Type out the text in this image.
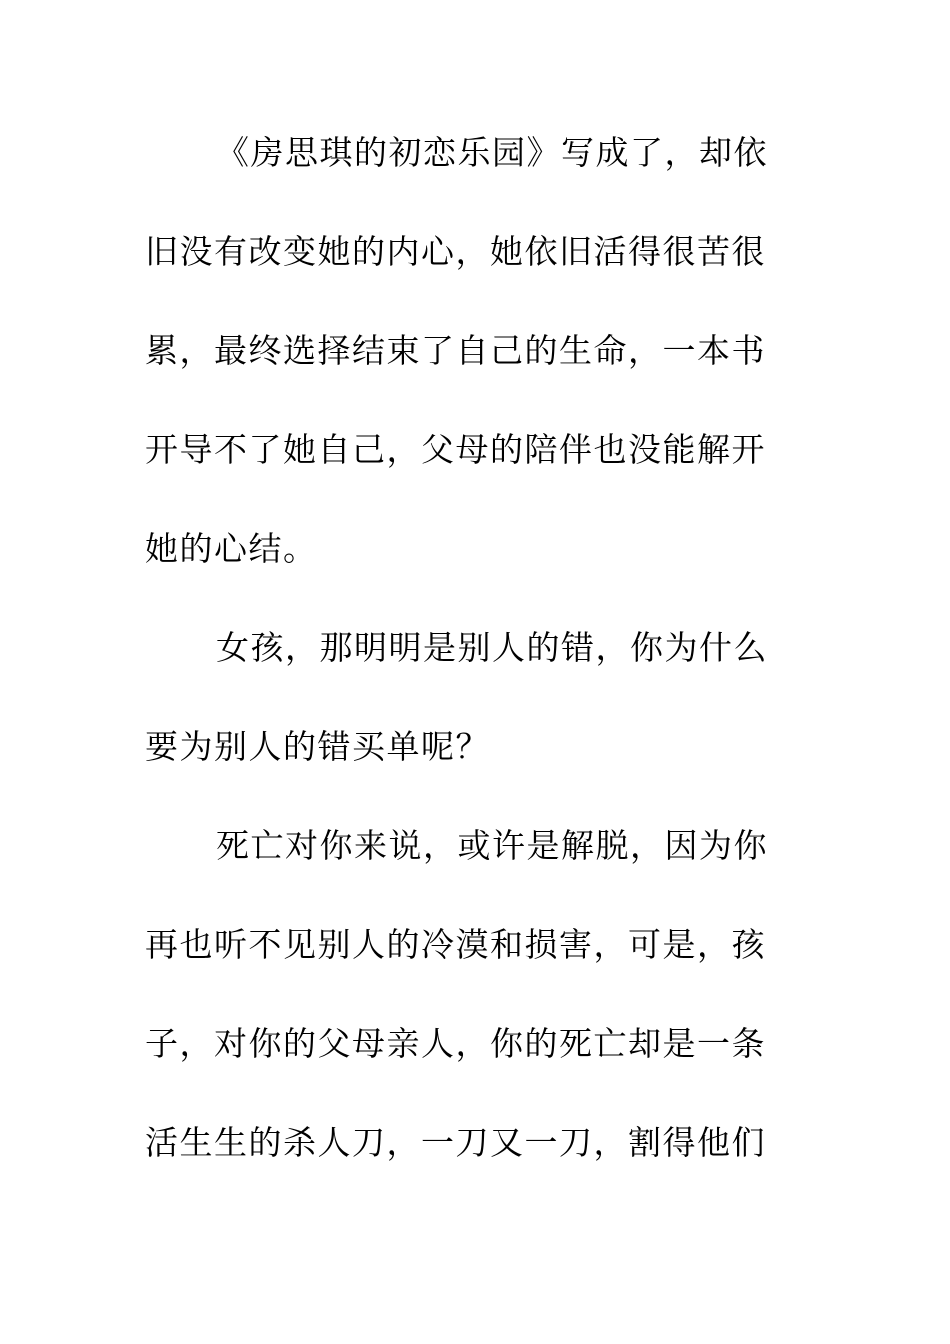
《房思琪的初恋乐园》写成了，却依
旧没有改变她的内心，她依旧活得很苦很
累，最终选择结束了自己的生命，一本书
开导不了她自己，父母的陪伴也没能解开
她的心结。
女孩，那明明是别人的错，你为什么
要为别人的错买单呢？
死亡对你来说，或许是解脱，因为你
再也听不见别人的冷漠和损害，可是，孩
子，对你的父母亲人，你的死亡却是一条
活生生的杀人刀，一刀又一刀，割得他们
